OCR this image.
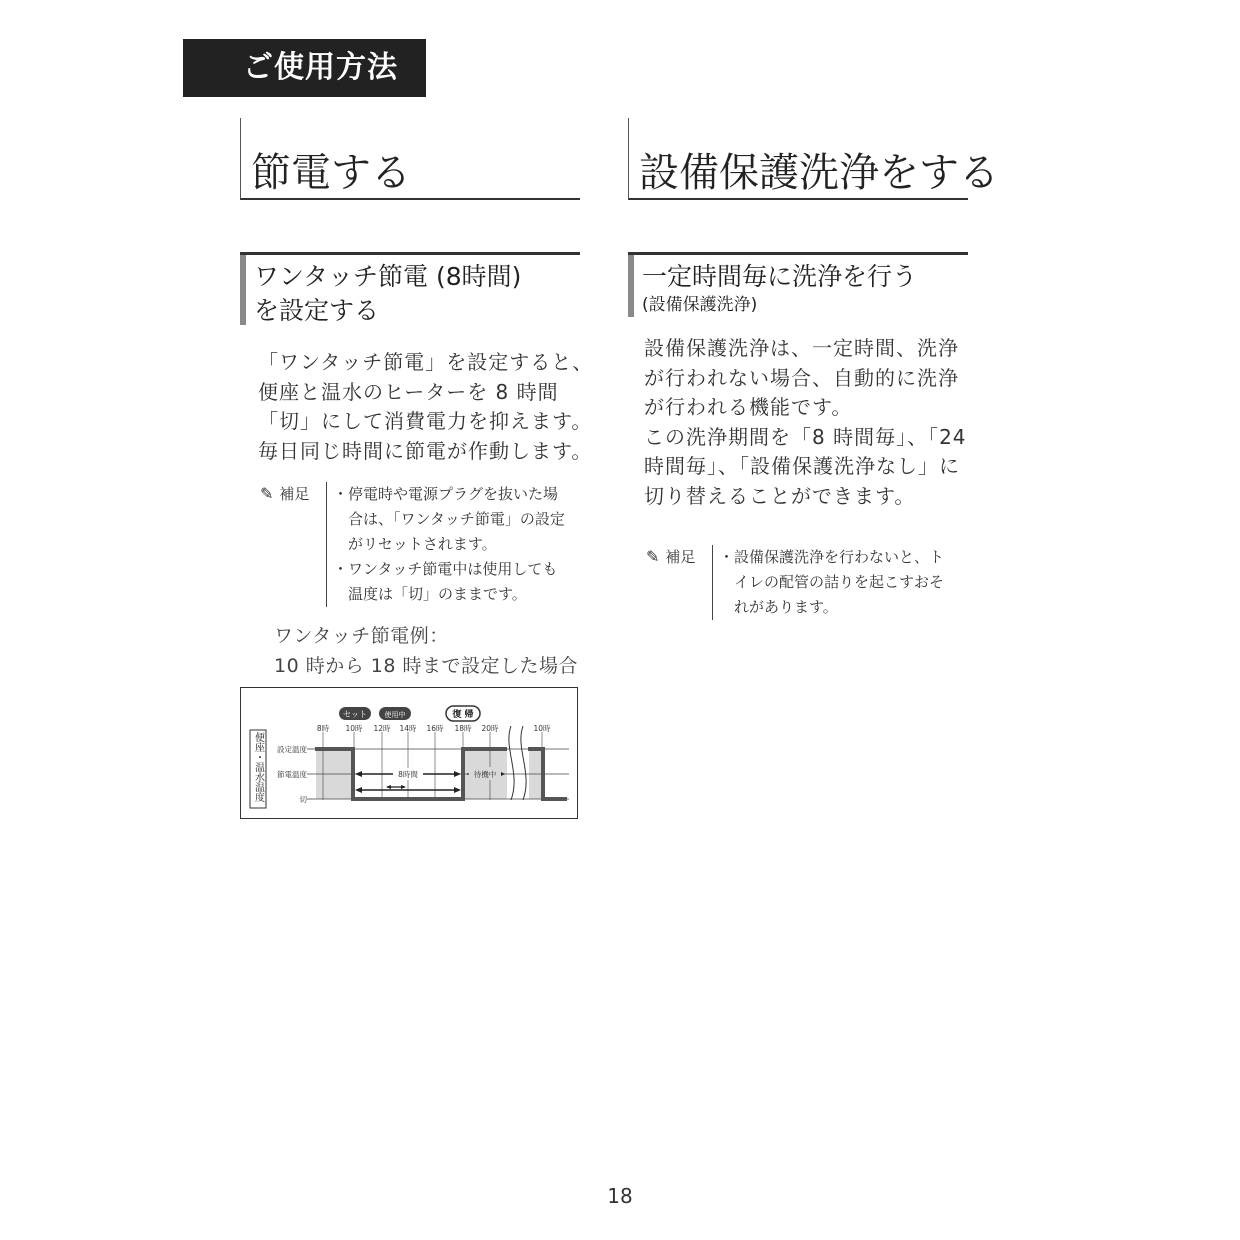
ご使用方法
節電する
ワンタッチ節電 (8時間)
を設定する

「ワンタッチ節電」を設定すると、

便座と温水のヒーターを 8 時間

「切」にして消費電力を抑えます。

毎日同じ時間に節電が作動します。

✎ 補足	・ 停電時や電源プラグを抜いた場合は、「ワンタッチ節電」の設定がリセットされます。
・ ワンタッチ節電中は使用しても温度は「切」のままです。
ワンタッチ節電例：
10 時から 18 時まで設定した場合
セット	使用中	復 帰
8時 10時 12時 14時 16時 18時 20時	10時
設定温度
節電温度
切
8時間	待機中
便座・温水温度
設備保護洗浄をする
一定時間毎に洗浄を行う
(設備保護洗浄)

設備保護洗浄は、一定時間、洗浄

が行われない場合、自動的に洗浄

が行われる機能です。

この洗浄期間を「8 時間毎」、「24

時間毎」、「設備保護洗浄なし」に

切り替えることができます。

✎ 補足	・ 設備保護洗浄を行わないと、トイレの配管の詰りを起こすおそれがあります。
18
